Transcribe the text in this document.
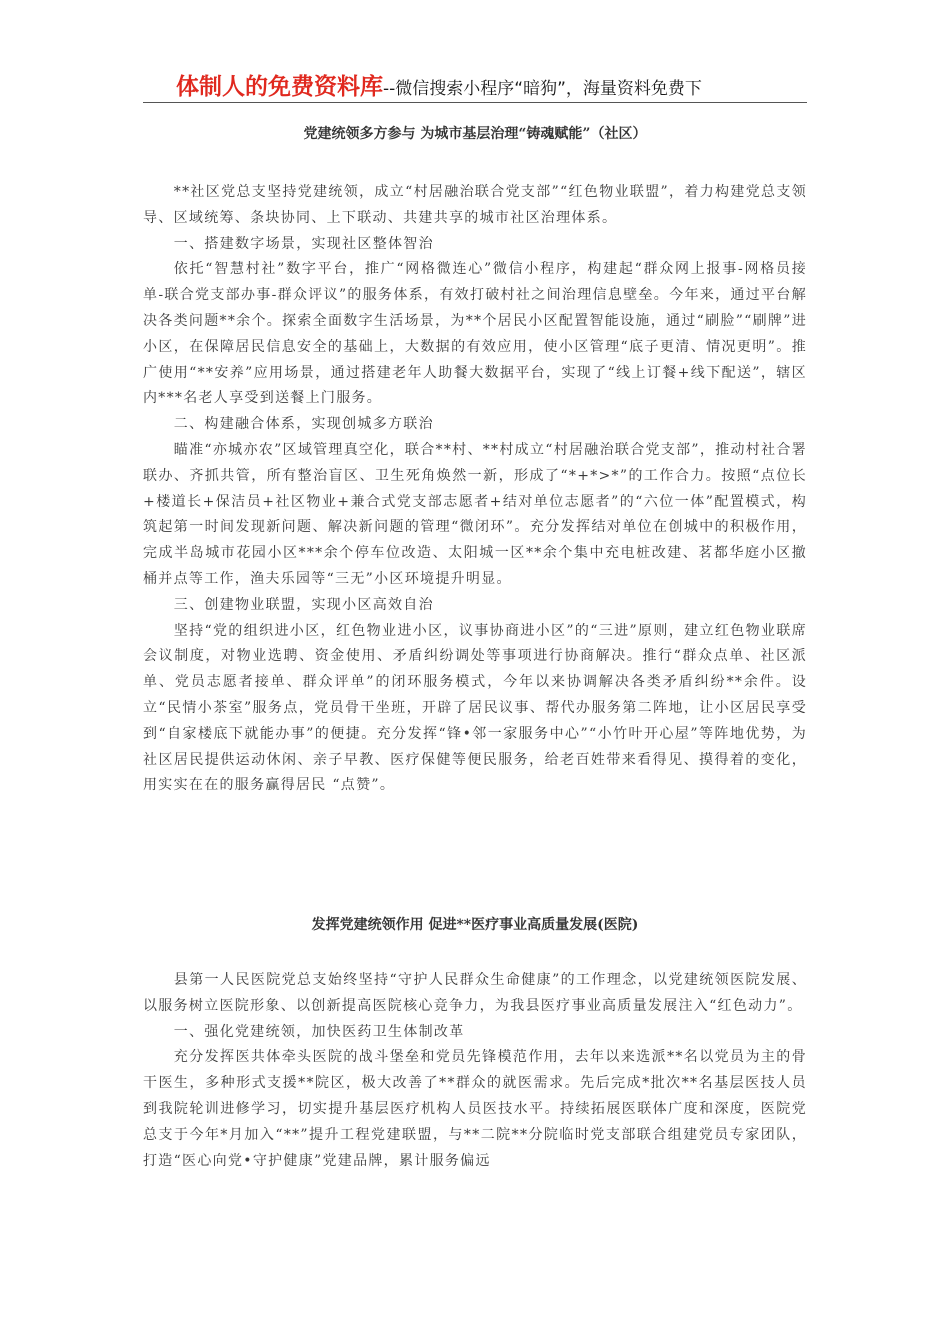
体制人的免费资料库--微信搜索小程序“暗狗”，海量资料免费下
党建统领多方参与 为城市基层治理“铸魂赋能”（社区）

**社区党总支坚持党建统领，成立“村居融治联合党支部”“红色物业联盟”，着力构建党总支领导、区域统筹、条块协同、上下联动、共建共享的城市社区治理体系。

一、搭建数字场景，实现社区整体智治

依托“智慧村社”数字平台，推广“网格微连心”微信小程序，构建起“群众网上报事-网格员接单-联合党支部办事-群众评议”的服务体系，有效打破村社之间治理信息壁垒。今年来，通过平台解决各类问题**余个。探索全面数字生活场景，为**个居民小区配置智能设施，通过“刷脸”“刷牌”进小区，在保障居民信息安全的基础上，大数据的有效应用，使小区管理“底子更清、情况更明”。推广使用“**安养”应用场景，通过搭建老年人助餐大数据平台，实现了“线上订餐+线下配送”，辖区内***名老人享受到送餐上门服务。

二、构建融合体系，实现创城多方联治

瞄准“亦城亦农”区域管理真空化，联合**村、**村成立“村居融治联合党支部”，推动村社合署联办、齐抓共管，所有整治盲区、卫生死角焕然一新，形成了“*+*>*”的工作合力。按照“点位长+楼道长+保洁员+社区物业+兼合式党支部志愿者+结对单位志愿者”的“六位一体”配置模式，构筑起第一时间发现新问题、解决新问题的管理“微闭环”。充分发挥结对单位在创城中的积极作用，完成半岛城市花园小区***余个停车位改造、太阳城一区**余个集中充电桩改建、茗都华庭小区撤桶并点等工作，渔夫乐园等“三无”小区环境提升明显。

三、创建物业联盟，实现小区高效自治

坚持“党的组织进小区，红色物业进小区，议事协商进小区”的“三进”原则，建立红色物业联席会议制度，对物业选聘、资金使用、矛盾纠纷调处等事项进行协商解决。推行“群众点单、社区派单、党员志愿者接单、群众评单”的闭环服务模式，今年以来协调解决各类矛盾纠纷**余件。设立“民情小茶室”服务点，党员骨干坐班，开辟了居民议事、帮代办服务第二阵地，让小区居民享受到“自家楼底下就能办事”的便捷。充分发挥“锋•邻一家服务中心”“小竹叶开心屋”等阵地优势，为社区居民提供运动休闲、亲子早教、医疗保健等便民服务，给老百姓带来看得见、摸得着的变化，用实实在在的服务赢得居民 “点赞”。

发挥党建统领作用 促进**医疗事业高质量发展(医院)

县第一人民医院党总支始终坚持“守护人民群众生命健康”的工作理念，以党建统领医院发展、以服务树立医院形象、以创新提高医院核心竞争力，为我县医疗事业高质量发展注入“红色动力”。

一、强化党建统领，加快医药卫生体制改革

充分发挥医共体牵头医院的战斗堡垒和党员先锋模范作用，去年以来选派**名以党员为主的骨干医生，多种形式支援**院区，极大改善了**群众的就医需求。先后完成*批次**名基层医技人员到我院轮训进修学习，切实提升基层医疗机构人员医技水平。持续拓展医联体广度和深度，医院党总支于今年*月加入“**”提升工程党建联盟，与**二院**分院临时党支部联合组建党员专家团队，打造“医心向党•守护健康”党建品牌，累计服务偏远
